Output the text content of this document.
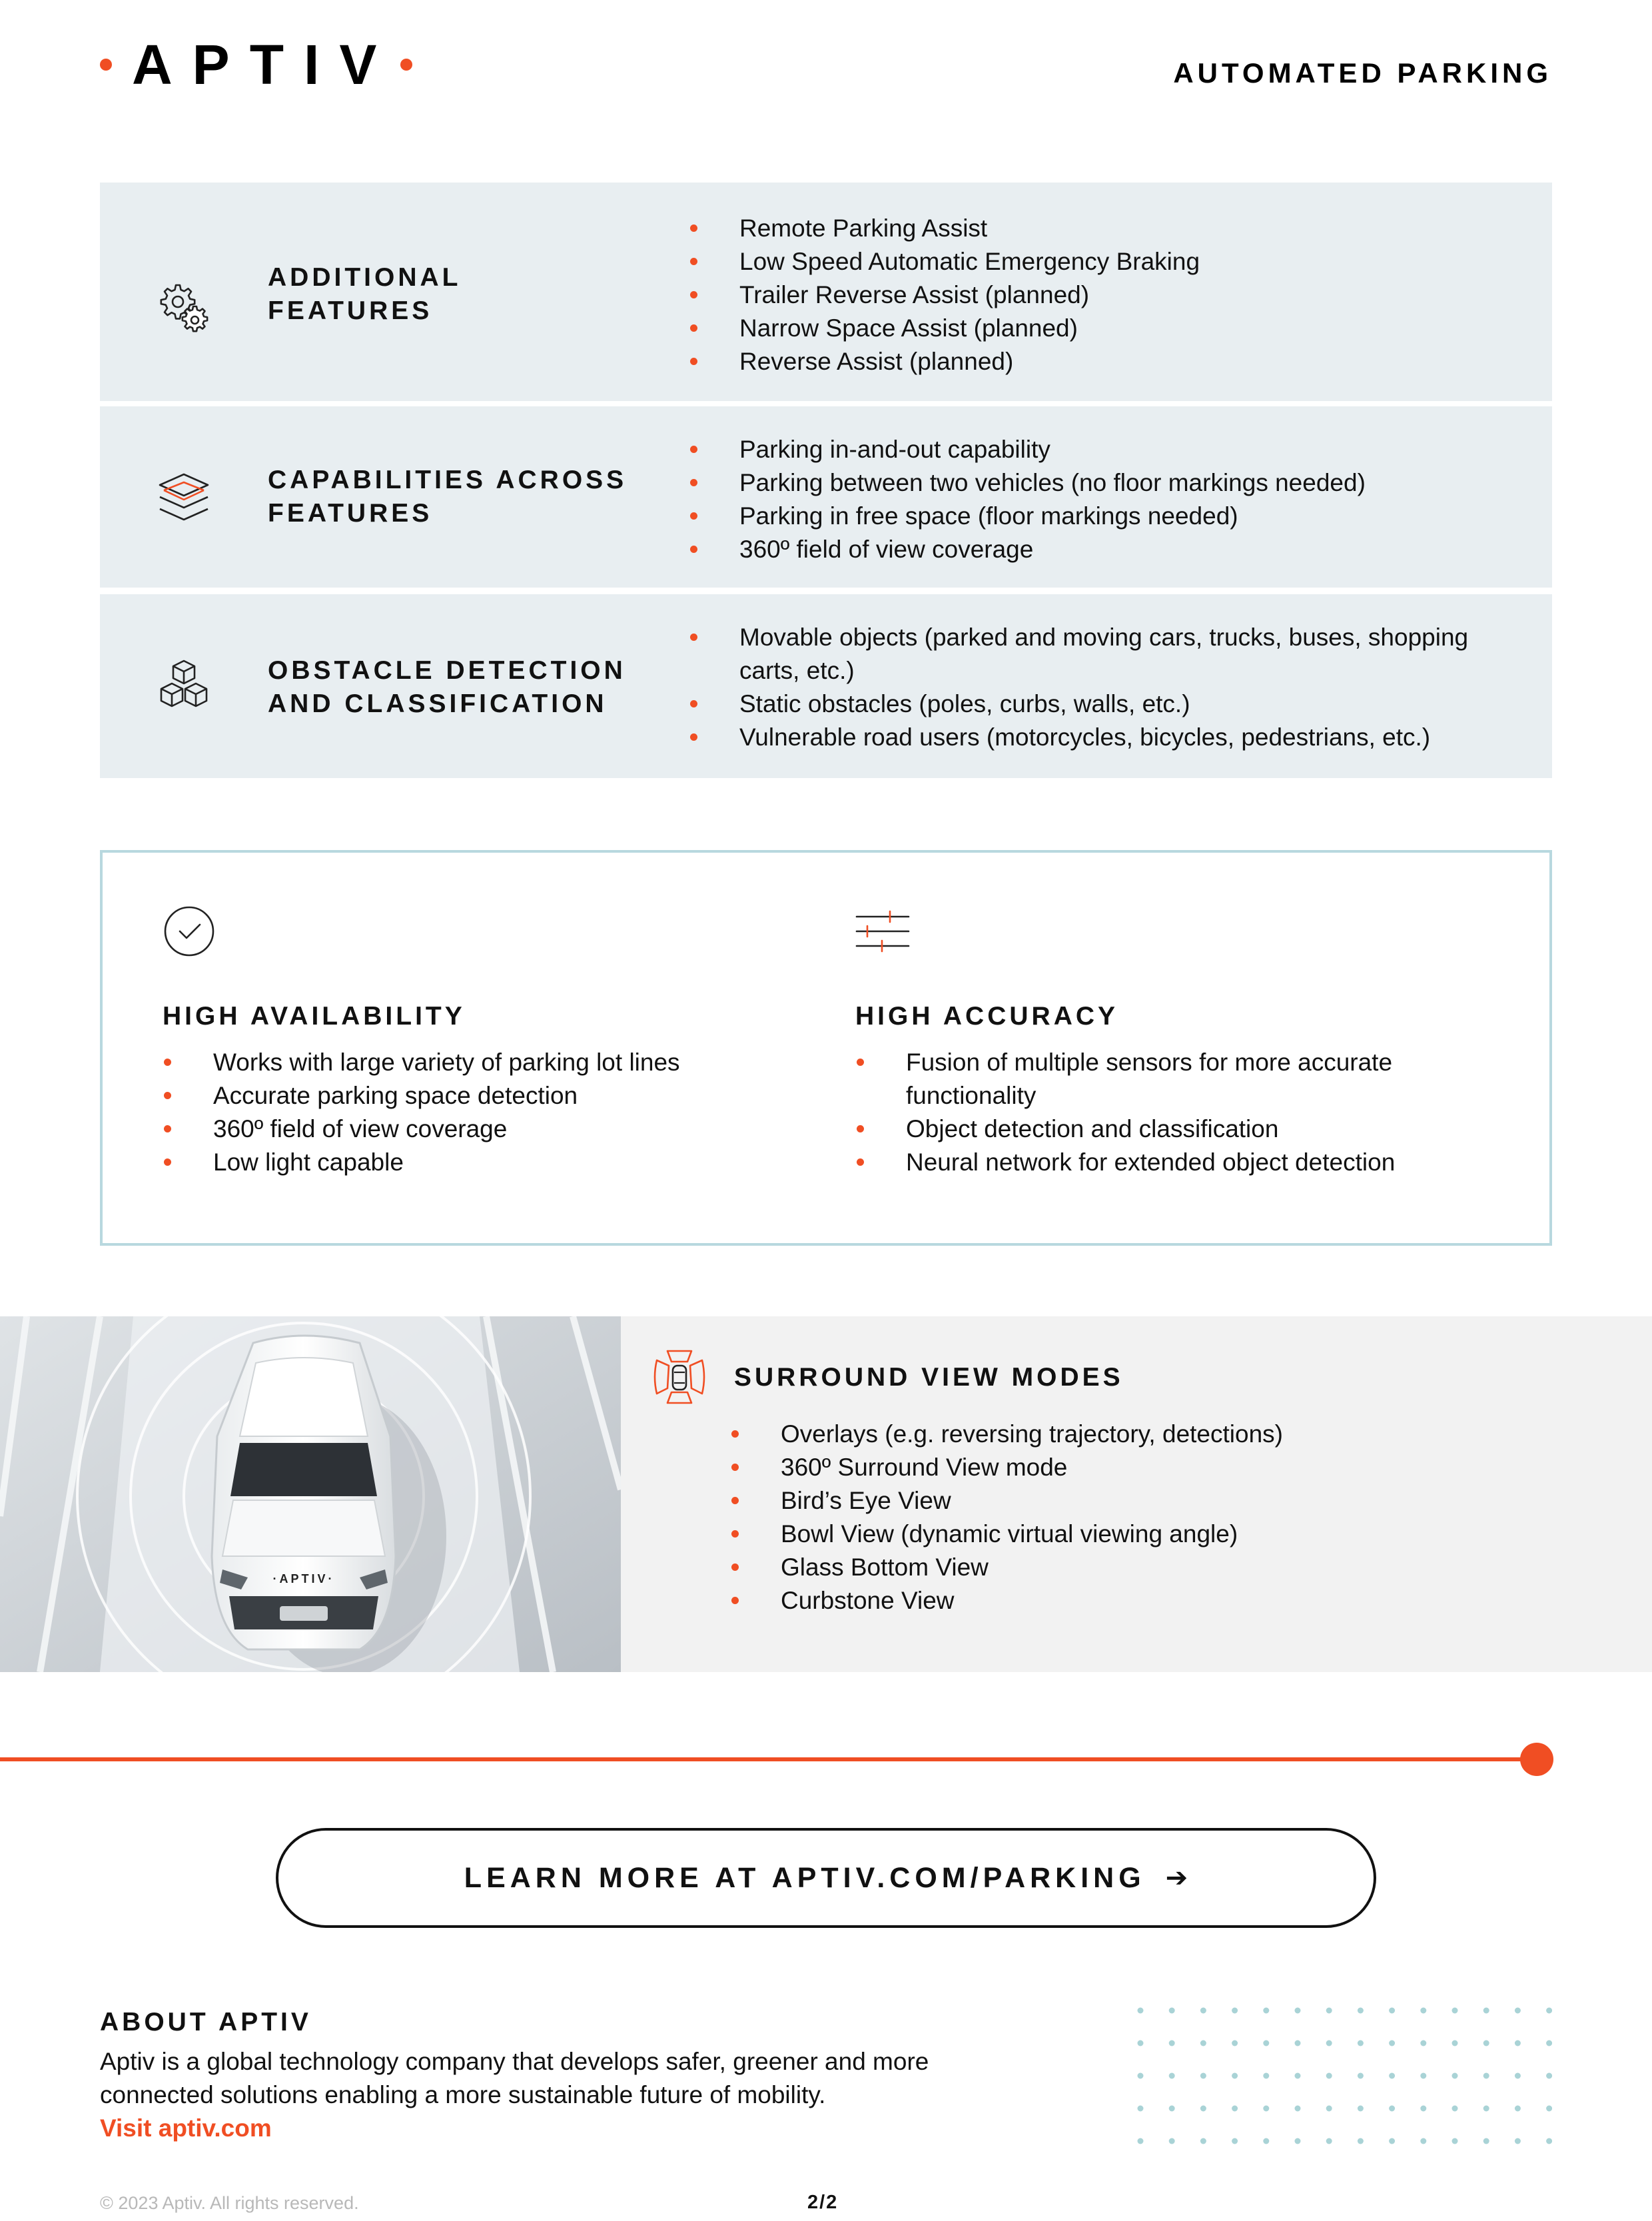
APTIV	AUTOMATED PARKING
ADDITIONAL
FEATURES
Remote Parking Assist
Low Speed Automatic Emergency Braking
Trailer Reverse Assist (planned)
Narrow Space Assist (planned)
Reverse Assist (planned)
CAPABILITIES ACROSS
FEATURES
Parking in-and-out capability
Parking between two vehicles (no floor markings needed)
Parking in free space (floor markings needed)
360º field of view coverage
OBSTACLE DETECTION
AND CLASSIFICATION
Movable objects (parked and moving cars, trucks, buses, shopping carts, etc.)
Static obstacles (poles, curbs, walls, etc.)
Vulnerable road users (motorcycles, bicycles, pedestrians, etc.)
HIGH AVAILABILITY
Works with large variety of parking lot lines
Accurate parking space detection
360º field of view coverage
Low light capable
HIGH ACCURACY
Fusion of multiple sensors for more accurate functionality
Object detection and classification
Neural network for extended object detection
·APTIV·
SURROUND VIEW MODES
Overlays (e.g. reversing trajectory, detections)
360º Surround View mode
Bird’s Eye View
Bowl View (dynamic virtual viewing angle)
Glass Bottom View
Curbstone View
LEARN MORE AT APTIV.COM/PARKING ➔
ABOUT APTIV
Aptiv is a global technology company that develops safer, greener and more connected solutions enabling a more sustainable future of mobility.
Visit aptiv.com
© 2023 Aptiv. All rights reserved.	2/2
